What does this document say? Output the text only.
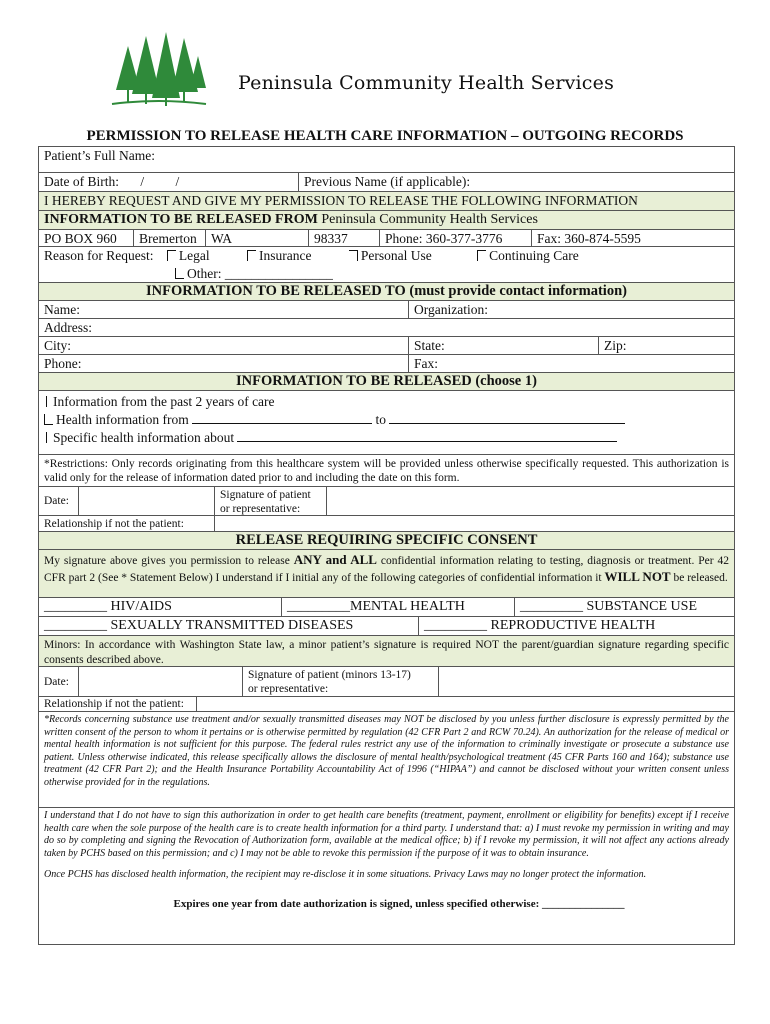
Peninsula Community Health Services
PERMISSION TO RELEASE HEALTH CARE INFORMATION – OUTGOING RECORDS
Patient’s Full Name:
Date of Birth: / /	Previous Name (if applicable):
I HEREBY REQUEST AND GIVE MY PERMISSION TO RELEASE THE FOLLOWING INFORMATION
INFORMATION TO BE RELEASED FROM Peninsula Community Health Services
PO BOX 960	Bremerton	WA	98337	Phone: 360-377-3776	Fax: 360-874-5595
Reason for Request: Legal	Insurance	Personal Use	Continuing Care
Other: ________________
INFORMATION TO BE RELEASED TO (must provide contact information)
Name:	Organization:
Address:
City:	State:	Zip:
Phone:	Fax:
INFORMATION TO BE RELEASED (choose 1)
Information from the past 2 years of care
Health information from	to
Specific health information about
*Restrictions: Only records originating from this healthcare system will be provided unless otherwise specifically requested. This authorization is valid only for the release of information dated prior to and including the date on this form.
Date:	Signature of patient
or representative:
Relationship if not the patient:
RELEASE REQUIRING SPECIFIC CONSENT
My signature above gives you permission to release ANY and ALL confidential information relating to testing, diagnosis or treatment. Per 42 CFR part 2 (See * Statement Below) I understand if I initial any of the following categories of confidential information it WILL NOT be released.
_________ HIV/AIDS	_________MENTAL HEALTH	_________ SUBSTANCE USE
_________ SEXUALLY TRANSMITTED DISEASES	_________ REPRODUCTIVE HEALTH
Minors: In accordance with Washington State law, a minor patient’s signature is required NOT the parent/guardian signature regarding specific consents described above.
Date:
Signature of patient (minors 13-17)
or representative:
Relationship if not the patient:
*Records concerning substance use treatment and/or sexually transmitted diseases may NOT be disclosed by you unless further disclosure is expressly permitted by the written consent of the person to whom it pertains or is otherwise permitted by regulation (42 CFR Part 2 and RCW 70.24). An authorization for the release of medical or mental health information is not sufficient for this purpose. The federal rules restrict any use of the information to criminally investigate or prosecute a substance use patient. Unless otherwise indicated, this release specifically allows the disclosure of mental health/psychological treatment (45 CFR Parts 160 and 164); substance use treatment (42 CFR Part 2); and the Health Insurance Portability Accountability Act of 1996 (“HIPAA”) and cannot be disclosed without your written consent unless otherwise provided for in the regulations.
I understand that I do not have to sign this authorization in order to get health care benefits (treatment, payment, enrollment or eligibility for benefits) except if I receive health care when the sole purpose of the health care is to create health information for a third party. I understand that: a) I must revoke my permission in writing and may do so by completing and signing the Revocation of Authorization form, available at the medical office; b) if I revoke my permission, it will not affect any actions already taken by PCHS based on this permission; and c) I may not be able to revoke this permission if the purpose of it was to obtain insurance.
Once PCHS has disclosed health information, the recipient may re-disclose it in some situations. Privacy Laws may no longer protect the information.
Expires one year from date authorization is signed, unless specified otherwise: _______________
